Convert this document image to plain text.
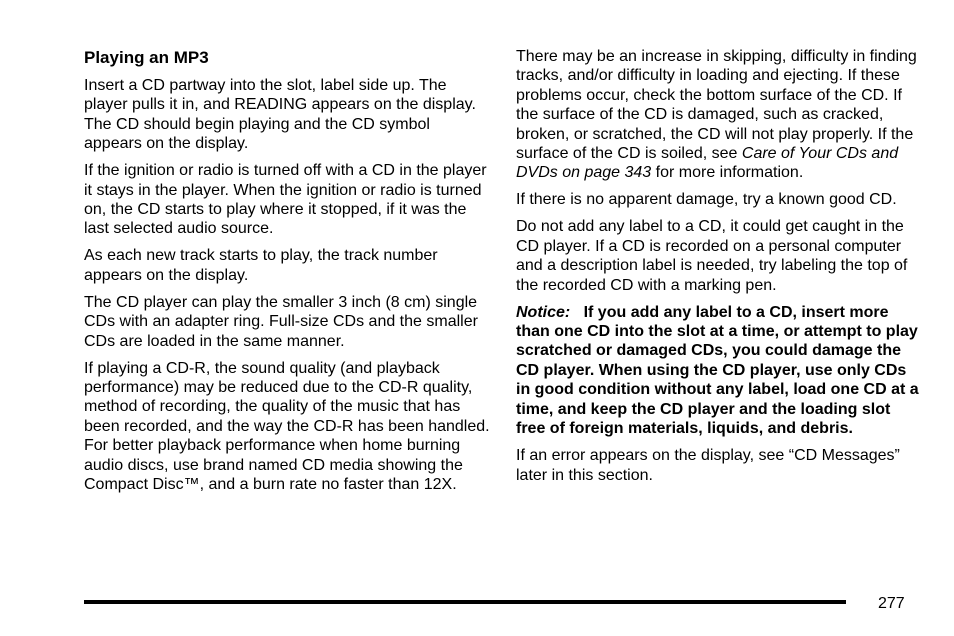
Playing an MP3

Insert a CD partway into the slot, label side up. The player pulls it in, and READING appears on the display. The CD should begin playing and the CD symbol appears on the display.

If the ignition or radio is turned off with a CD in the player it stays in the player. When the ignition or radio is turned on, the CD starts to play where it stopped, if it was the last selected audio source.

As each new track starts to play, the track number appears on the display.

The CD player can play the smaller 3 inch (8 cm) single CDs with an adapter ring. Full-size CDs and the smaller CDs are loaded in the same manner.

If playing a CD-R, the sound quality (and playback performance) may be reduced due to the CD-R quality, method of recording, the quality of the music that has been recorded, and the way the CD-R has been handled. For better playback performance when home burning audio discs, use brand named CD media showing the Compact Disc™, and a burn rate no faster than 12X.

There may be an increase in skipping, difficulty in finding tracks, and/or difficulty in loading and ejecting. If these problems occur, check the bottom surface of the CD. If the surface of the CD is damaged, such as cracked, broken, or scratched, the CD will not play properly. If the surface of the CD is soiled, see Care of Your CDs and DVDs on page 343 for more information.

If there is no apparent damage, try a known good CD.

Do not add any label to a CD, it could get caught in the CD player. If a CD is recorded on a personal computer and a description label is needed, try labeling the top of the recorded CD with a marking pen.

Notice: If you add any label to a CD, insert more than one CD into the slot at a time, or attempt to play scratched or damaged CDs, you could damage the CD player. When using the CD player, use only CDs in good condition without any label, load one CD at a time, and keep the CD player and the loading slot free of foreign materials, liquids, and debris.

If an error appears on the display, see “CD Messages” later in this section.

277
